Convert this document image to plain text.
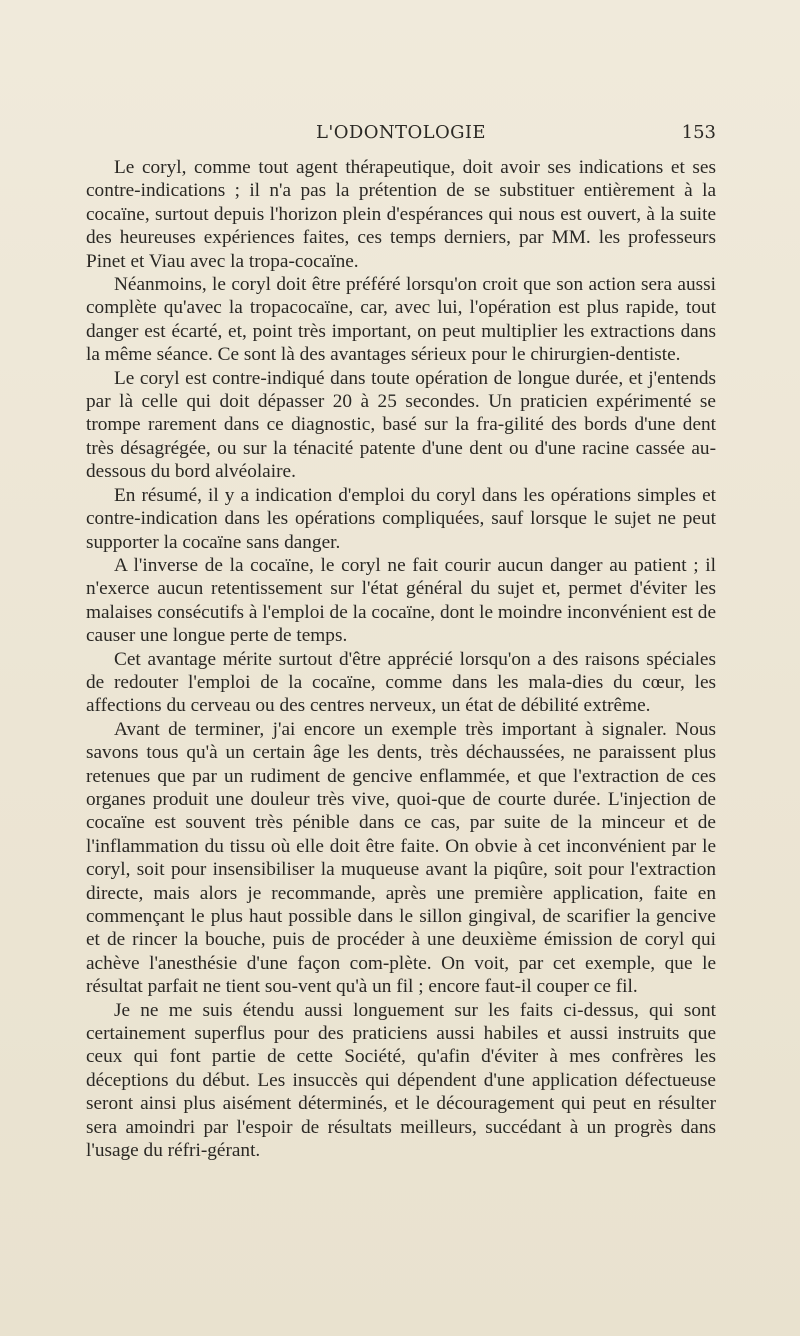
L'ODONTOLOGIE	153

Le coryl, comme tout agent thérapeutique, doit avoir ses indications et ses contre-indications ; il n'a pas la prétention de se substituer entièrement à la cocaïne, surtout depuis l'horizon plein d'espérances qui nous est ouvert, à la suite des heureuses expériences faites, ces temps derniers, par MM. les professeurs Pinet et Viau avec la tropa-cocaïne.

Néanmoins, le coryl doit être préféré lorsqu'on croit que son action sera aussi complète qu'avec la tropacocaïne, car, avec lui, l'opération est plus rapide, tout danger est écarté, et, point très important, on peut multiplier les extractions dans la même séance. Ce sont là des avantages sérieux pour le chirurgien-dentiste.

Le coryl est contre-indiqué dans toute opération de longue durée, et j'entends par là celle qui doit dépasser 20 à 25 secondes. Un praticien expérimenté se trompe rarement dans ce diagnostic, basé sur la fra-gilité des bords d'une dent très désagrégée, ou sur la ténacité patente d'une dent ou d'une racine cassée au-dessous du bord alvéolaire.

En résumé, il y a indication d'emploi du coryl dans les opérations simples et contre-indication dans les opérations compliquées, sauf lorsque le sujet ne peut supporter la cocaïne sans danger.

A l'inverse de la cocaïne, le coryl ne fait courir aucun danger au patient ; il n'exerce aucun retentissement sur l'état général du sujet et, permet d'éviter les malaises consécutifs à l'emploi de la cocaïne, dont le moindre inconvénient est de causer une longue perte de temps.

Cet avantage mérite surtout d'être apprécié lorsqu'on a des raisons spéciales de redouter l'emploi de la cocaïne, comme dans les mala-dies du cœur, les affections du cerveau ou des centres nerveux, un état de débilité extrême.

Avant de terminer, j'ai encore un exemple très important à signaler. Nous savons tous qu'à un certain âge les dents, très déchaussées, ne paraissent plus retenues que par un rudiment de gencive enflammée, et que l'extraction de ces organes produit une douleur très vive, quoi-que de courte durée. L'injection de cocaïne est souvent très pénible dans ce cas, par suite de la minceur et de l'inflammation du tissu où elle doit être faite. On obvie à cet inconvénient par le coryl, soit pour insensibiliser la muqueuse avant la piqûre, soit pour l'extraction directe, mais alors je recommande, après une première application, faite en commençant le plus haut possible dans le sillon gingival, de scarifier la gencive et de rincer la bouche, puis de procéder à une deuxième émission de coryl qui achève l'anesthésie d'une façon com-plète. On voit, par cet exemple, que le résultat parfait ne tient sou-vent qu'à un fil ; encore faut-il couper ce fil.

Je ne me suis étendu aussi longuement sur les faits ci-dessus, qui sont certainement superflus pour des praticiens aussi habiles et aussi instruits que ceux qui font partie de cette Société, qu'afin d'éviter à mes confrères les déceptions du début. Les insuccès qui dépendent d'une application défectueuse seront ainsi plus aisément déterminés, et le découragement qui peut en résulter sera amoindri par l'espoir de résultats meilleurs, succédant à un progrès dans l'usage du réfri-gérant.
